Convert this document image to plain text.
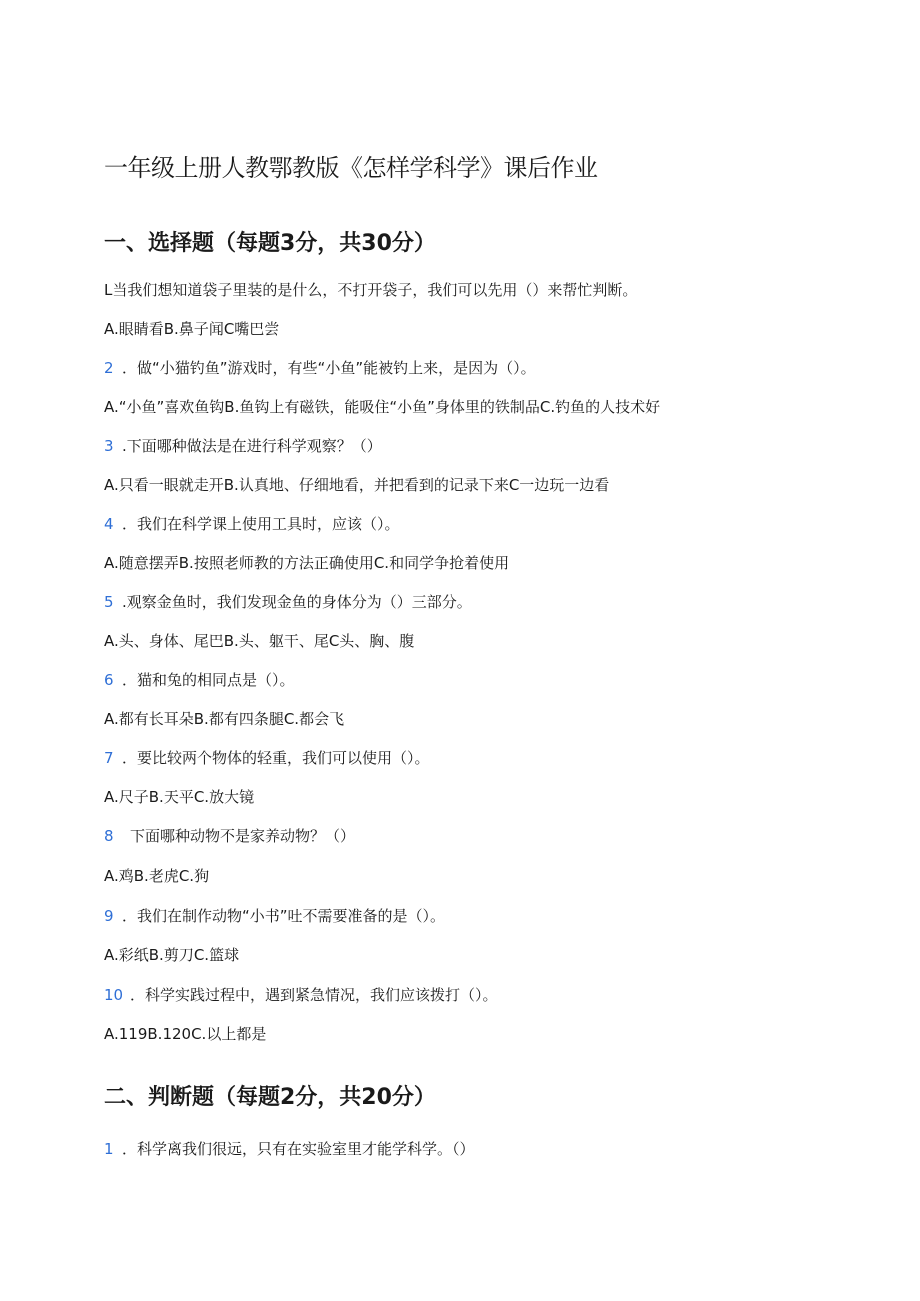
一年级上册人教鄂教版《怎样学科学》课后作业
一、选择题（每题3分，共30分）
L当我们想知道袋子里装的是什么，不打开袋子，我们可以先用（）来帮忙判断。
A.眼睛看B.鼻子闻C嘴巴尝
2 ．做“小猫钓鱼”游戏时，有些“小鱼”能被钓上来，是因为（）。
A.“小鱼”喜欢鱼钩B.鱼钩上有磁铁，能吸住“小鱼”身体里的铁制品C.钓鱼的人技术好
3 .下面哪种做法是在进行科学观察？（）
A.只看一眼就走开B.认真地、仔细地看，并把看到的记录下来C一边玩一边看
4 ．我们在科学课上使用工具时，应该（）。
A.随意摆弄B.按照老师教的方法正确使用C.和同学争抢着使用
5 .观察金鱼时，我们发现金鱼的身体分为（）三部分。
A.头、身体、尾巴B.头、躯干、尾C头、胸、腹
6 ．猫和兔的相同点是（）。
A.都有长耳朵B.都有四条腿C.都会飞
7 ．要比较两个物体的轻重，我们可以使用（）。
A.尺子B.天平C.放大镜
8 下面哪种动物不是家养动物？（）
A.鸡B.老虎C.狗
9 ．我们在制作动物“小书”吐不需要准备的是（）。
A.彩纸B.剪刀C.篮球
10 ．科学实践过程中，遇到紧急情况，我们应该拨打（）。
A.119B.120C.以上都是
二、判断题（每题2分，共20分）
1 ．科学离我们很远，只有在实验室里才能学科学。（）
